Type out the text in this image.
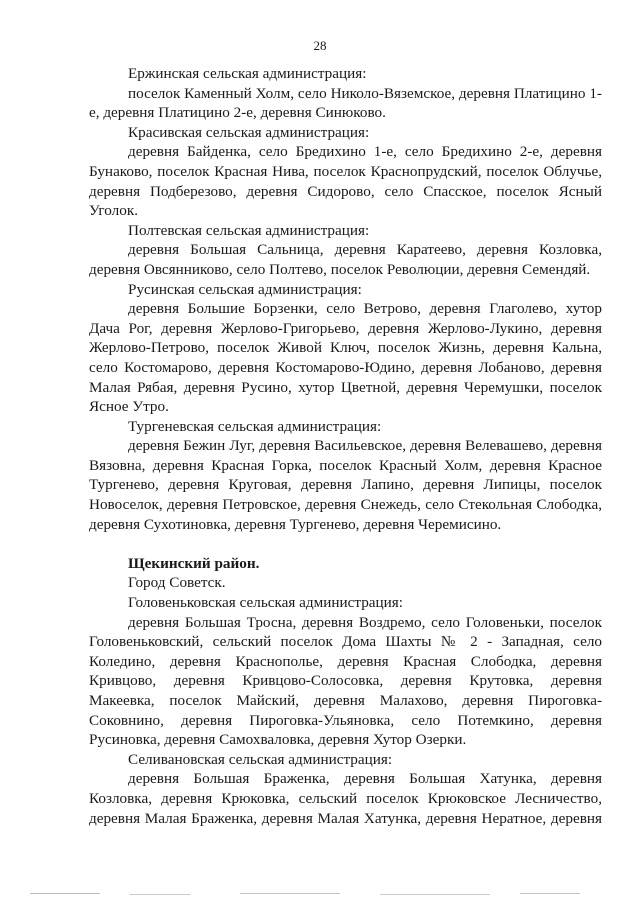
28

Ержинская сельская администрация:

поселок Каменный Холм, село Николо-Вяземское, деревня Платицино 1-е, деревня Платицино 2-е, деревня Синюково.

Красивская сельская администрация:

деревня Байденка, село Бредихино 1-е, село Бредихино 2-е, деревня Бунаково, поселок Красная Нива, поселок Краснопрудский, поселок Облучье, деревня Подберезово, деревня Сидорово, село Спасское, поселок Ясный Уголок.

Полтевская сельская администрация:

деревня Большая Сальница, деревня Каратеево, деревня Козловка, деревня Овсянниково, село Полтево, поселок Революции, деревня Семендяй.

Русинская сельская администрация:

деревня Большие Борзенки, село Ветрово, деревня Глаголево, хутор Дача Рог, деревня Жерлово-Григорьево, деревня Жерлово-Лукино, деревня Жерлово-Петрово, поселок Живой Ключ, поселок Жизнь, деревня Кальна, село Костомарово, деревня Костомарово-Юдино, деревня Лобаново, деревня Малая Рябая, деревня Русино, хутор Цветной, деревня Черемушки, поселок Ясное Утро.

Тургеневская сельская администрация:

деревня Бежин Луг, деревня Васильевское, деревня Велевашево, деревня Вязовна, деревня Красная Горка, поселок Красный Холм, деревня Красное Тургенево, деревня Круговая, деревня Лапино, деревня Липицы, поселок Новоселок, деревня Петровское, деревня Снежедь, село Стекольная Слободка, деревня Сухотиновка, деревня Тургенево, деревня Черемисино.

Щекинский район.

Город Советск.

Головеньковская сельская администрация:

деревня Большая Тросна, деревня Воздремо, село Головеньки, поселок Головеньковский, сельский поселок Дома Шахты № 2 - Западная, село Коледино, деревня Краснополье, деревня Красная Слободка, деревня Кривцово, деревня Кривцово-Солосовка, деревня Крутовка, деревня Макеевка, поселок Майский, деревня Малахово, деревня Пироговка-Соковнино, деревня Пироговка-Ульяновка, село Потемкино, деревня Русиновка, деревня Самохваловка, деревня Хутор Озерки.

Селивановская сельская администрация:

деревня Большая Браженка, деревня Большая Хатунка, деревня Козловка, деревня Крюковка, сельский поселок Крюковское Лесничество, деревня Малая Браженка, деревня Малая Хатунка, деревня Нератное, деревня
